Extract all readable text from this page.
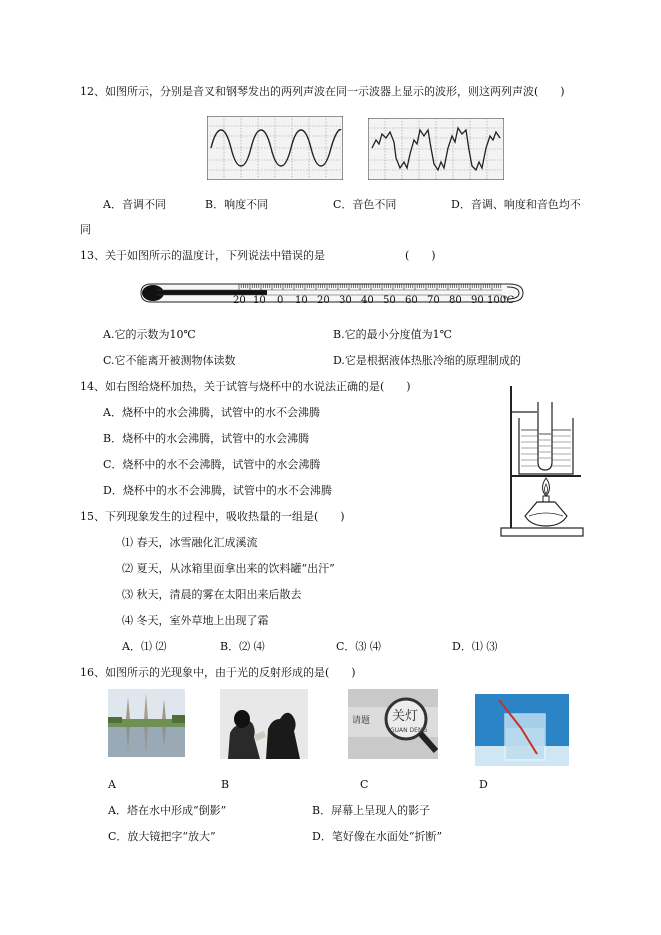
12、如图所示，分别是音叉和钢琴发出的两列声波在同一示波器上显示的波形，则这两列声波(　　)
A．音调不同	B．响度不同	C．音色不同	D．音调、响度和音色均不
同
13、关于如图所示的温度计，下列说法中错误的是	(　　)
20 10 0 10 20 30 40 50 60 70 80 90 100
℃
A.它的示数为10℃	B.它的最小分度值为1℃
C.它不能离开被测物体读数	D.它是根据液体热胀冷缩的原理制成的
14、如右图给烧杯加热，关于试管与烧杯中的水说法正确的是(　　)
A．烧杯中的水会沸腾，试管中的水不会沸腾
B．烧杯中的水会沸腾，试管中的水会沸腾
C．烧杯中的水不会沸腾，试管中的水会沸腾
D．烧杯中的水不会沸腾，试管中的水不会沸腾
15、下列现象发生的过程中，吸收热量的一组是(　　)
⑴ 春天，冰雪融化汇成溪流
⑵ 夏天，从冰箱里面拿出来的饮料罐“出汗”
⑶ 秋天，清晨的雾在太阳出来后散去
⑷ 冬天，室外草地上出现了霜
A．⑴ ⑵	B．⑵ ⑷	C．⑶ ⑷	D．⑴ ⑶
16、如图所示的光现象中，由于光的反射形成的是(　　)
请题 关灯
GUAN DENG
A	B	C	D
A．塔在水中形成“倒影”	B．屏幕上呈现人的影子
C．放大镜把字“放大”	D．笔好像在水面处“折断”
